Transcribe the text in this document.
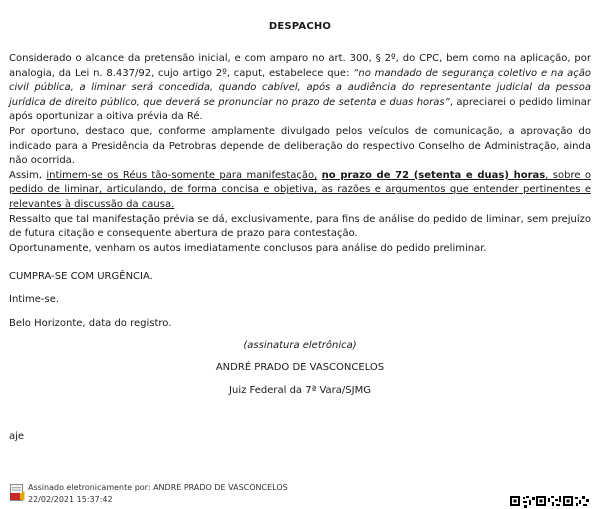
DESPACHO

Considerado o alcance da pretensão inicial, e com amparo no art. 300, § 2º, do CPC, bem como na aplicação, por analogia, da Lei n. 8.437/92, cujo artigo 2º, caput, estabelece que: “no mandado de segurança coletivo e na ação civil pública, a liminar será concedida, quando cabível, após a audiência do representante judicial da pessoa jurídica de direito público, que deverá se pronunciar no prazo de setenta e duas horas”, apreciarei o pedido liminar após oportunizar a oitiva prévia da Ré.

Por oportuno, destaco que, conforme amplamente divulgado pelos veículos de comunicação, a aprovação do indicado para a Presidência da Petrobras depende de deliberação do respectivo Conselho de Administração, ainda não ocorrida.

Assim, intimem-se os Réus tão-somente para manifestação, no prazo de 72 (setenta e duas) horas, sobre o pedido de liminar, articulando, de forma concisa e objetiva, as razões e argumentos que entender pertinentes e relevantes à discussão da causa.

Ressalto que tal manifestação prévia se dá, exclusivamente, para fins de análise do pedido de liminar, sem prejuízo de futura citação e consequente abertura de prazo para contestação.

Oportunamente, venham os autos imediatamente conclusos para análise do pedido preliminar.

CUMPRA-SE COM URGÊNCIA.
Intime-se.
Belo Horizonte, data do registro.
(assinatura eletrônica)
ANDRÉ PRADO DE VASCONCELOS
Juiz Federal da 7ª Vara/SJMG
aje
Assinado eletronicamente por: ANDRE PRADO DE VASCONCELOS
22/02/2021 15:37:42
